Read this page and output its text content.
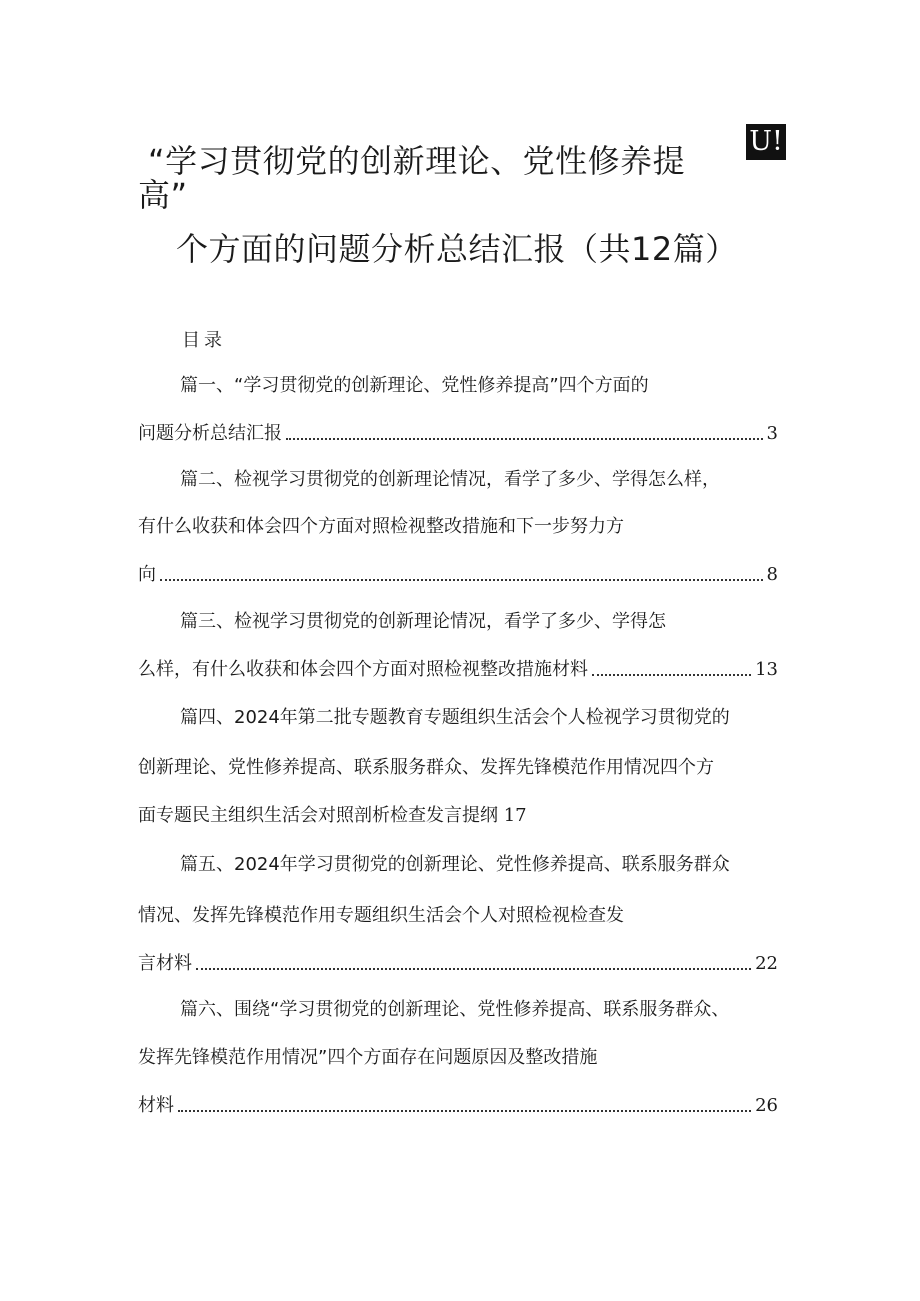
“学习贯彻党的创新理论、党性修养提
高”
个方面的问题分析总结汇报（共12篇）
U!
目录
篇一、“学习贯彻党的创新理论、党性修养提高”四个方面的
问题分析总结汇报	3
篇二、检视学习贯彻党的创新理论情况，看学了多少、学得怎么样，
有什么收获和体会四个方面对照检视整改措施和下一步努力方
向	8
篇三、检视学习贯彻党的创新理论情况，看学了多少、学得怎
么样，有什么收获和体会四个方面对照检视整改措施材料	13
篇四、2024年第二批专题教育专题组织生活会个人检视学习贯彻党的
创新理论、党性修养提高、联系服务群众、发挥先锋模范作用情况四个方
面专题民主组织生活会对照剖析检查发言提纲 17
篇五、2024年学习贯彻党的创新理论、党性修养提高、联系服务群众
情况、发挥先锋模范作用专题组织生活会个人对照检视检查发
言材料	22
篇六、围绕“学习贯彻党的创新理论、党性修养提高、联系服务群众、
发挥先锋模范作用情况”四个方面存在问题原因及整改措施
材料	26
